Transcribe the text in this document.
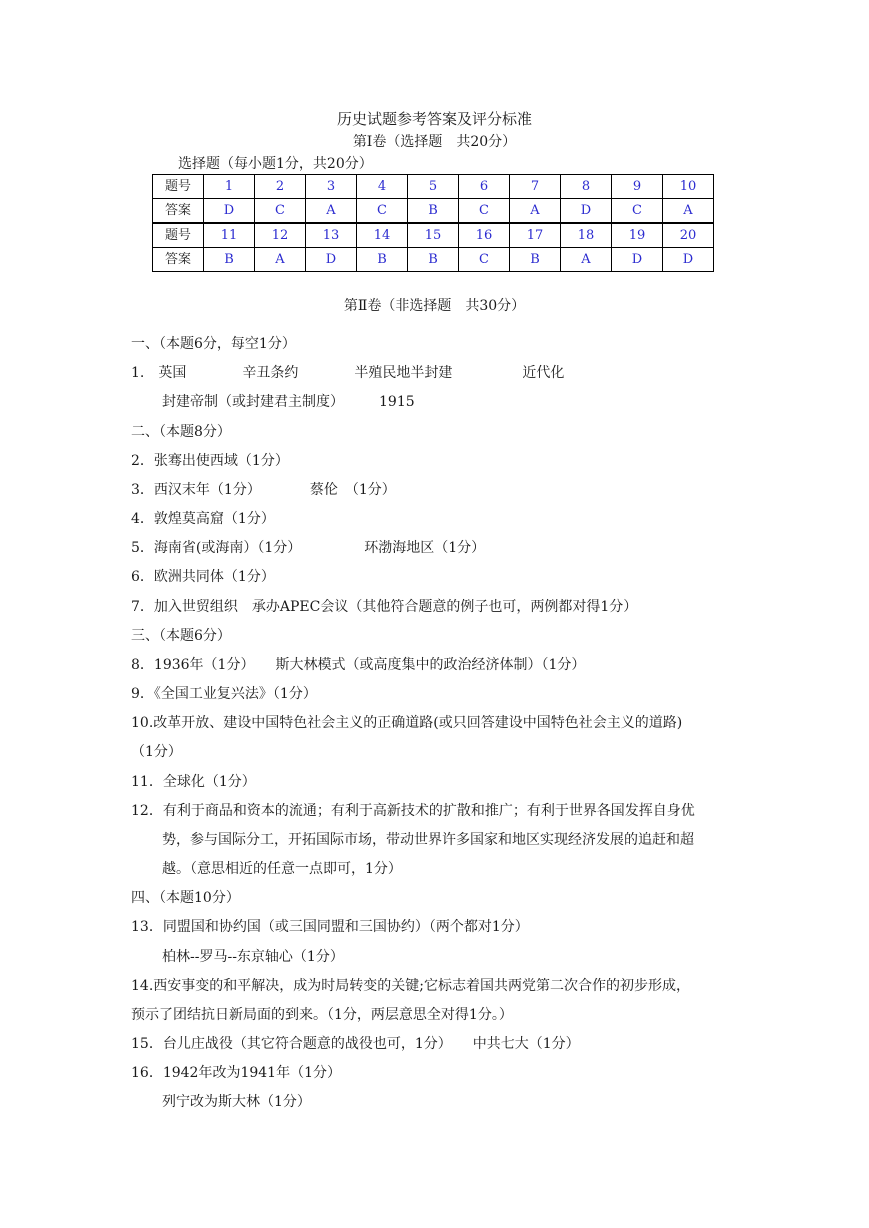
历史试题参考答案及评分标准
第Ⅰ卷（选择题　共20分）
选择题（每小题1分，共20分）
题号	1	2	3	4	5	6	7	8	9	10
答案	D	C	A	C	B	C	A	D	C	A
题号	11	12	13	14	15	16	17	18	19	20
答案	B	A	D	B	B	C	B	A	D	D
第Ⅱ卷（非选择题　共30分）
一、（本题6分，每空1分）
1.　英国　　　　辛丑条约　　　　半殖民地半封建　　　　　近代化
封建帝制（或封建君主制度）　　　1915
二、（本题8分）
2．张骞出使西域（1分）
3．西汉末年（1分）　　　　蔡伦　（1分）
4．敦煌莫高窟（1分）
5．海南省(或海南）（1分）　　　　　环渤海地区（1分）
6．欧洲共同体（1分）
7．加入世贸组织　承办APEC会议（其他符合题意的例子也可，两例都对得1分）
三、（本题6分）
8．1936年（1分）　　斯大林模式（或高度集中的政治经济体制）（1分）
9．《全国工业复兴法》（1分）
10.改革开放、建设中国特色社会主义的正确道路(或只回答建设中国特色社会主义的道路)
（1分）
11．全球化（1分）
12．有利于商品和资本的流通；有利于高新技术的扩散和推广；有利于世界各国发挥自身优
势，参与国际分工，开拓国际市场，带动世界许多国家和地区实现经济发展的追赶和超
越。（意思相近的任意一点即可，1分）
四、（本题10分）
13．同盟国和协约国（或三国同盟和三国协约）（两个都对1分）
柏林--罗马--东京轴心（1分）
14.西安事变的和平解决，成为时局转变的关键;它标志着国共两党第二次合作的初步形成，
预示了团结抗日新局面的到来。（1分，两层意思全对得1分。）
15．台儿庄战役（其它符合题意的战役也可，1分）　　中共七大（1分）
16．1942年改为1941年（1分）
列宁改为斯大林（1分）
